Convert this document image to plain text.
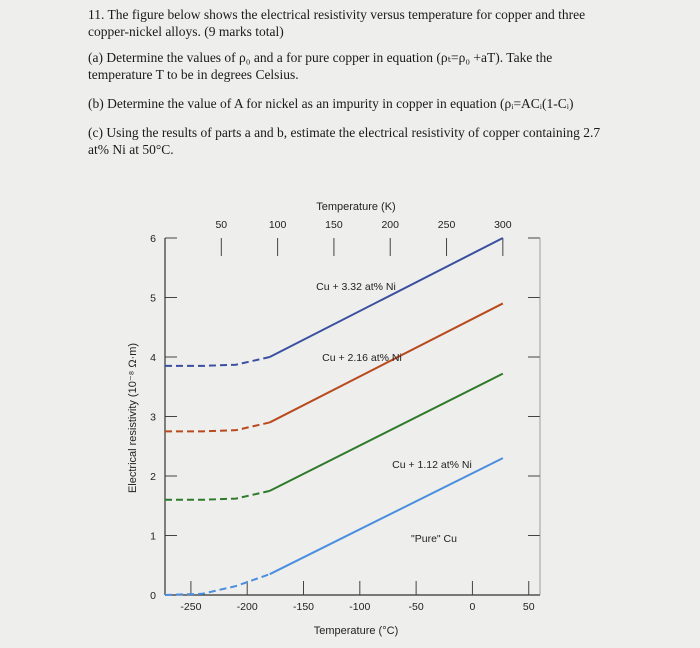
11. The figure below shows the electrical resistivity versus temperature for copper and three
copper-nickel alloys. (9 marks total)

(a) Determine the values of ρ₀ and a for pure copper in equation (ρₜ=ρ₀ +aT). Take the

temperature T to be in degrees Celsius.

(b) Determine the value of A for nickel as an impurity in copper in equation (ρᵢ=ACᵢ(1-Cᵢ)

(c) Using the results of parts a and b, estimate the electrical resistivity of copper containing 2.7

at% Ni at 50°C.

0
1
2
3
4
5
6
50	100	150	200	250	300
Temperature (K)
-250	-200	-150	-100	-50	0	50
Temperature (°C)
Electrical resistivity (10⁻⁸ Ω·m)
Cu + 3.32 at% Ni
Cu + 2.16 at% Ni
Cu + 1.12 at% Ni
"Pure" Cu
